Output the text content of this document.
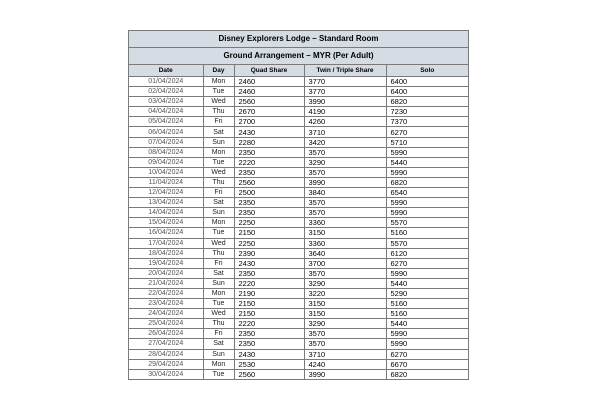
Disney Explorers Lodge – Standard Room
Ground Arrangement – MYR (Per Adult)
Date	Day	Quad Share	Twin / Triple Share	Solo
01/04/2024	Mon	2460	3770	6400
02/04/2024	Tue	2460	3770	6400
03/04/2024	Wed	2560	3990	6820
04/04/2024	Thu	2670	4190	7230
05/04/2024	Fri	2700	4260	7370
06/04/2024	Sat	2430	3710	6270
07/04/2024	Sun	2280	3420	5710
08/04/2024	Mon	2350	3570	5990
09/04/2024	Tue	2220	3290	5440
10/04/2024	Wed	2350	3570	5990
11/04/2024	Thu	2560	3990	6820
12/04/2024	Fri	2500	3840	6540
13/04/2024	Sat	2350	3570	5990
14/04/2024	Sun	2350	3570	5990
15/04/2024	Mon	2250	3360	5570
16/04/2024	Tue	2150	3150	5160
17/04/2024	Wed	2250	3360	5570
18/04/2024	Thu	2390	3640	6120
19/04/2024	Fri	2430	3700	6270
20/04/2024	Sat	2350	3570	5990
21/04/2024	Sun	2220	3290	5440
22/04/2024	Mon	2190	3220	5290
23/04/2024	Tue	2150	3150	5160
24/04/2024	Wed	2150	3150	5160
25/04/2024	Thu	2220	3290	5440
26/04/2024	Fri	2350	3570	5990
27/04/2024	Sat	2350	3570	5990
28/04/2024	Sun	2430	3710	6270
29/04/2024	Mon	2530	4240	6670
30/04/2024	Tue	2560	3990	6820
